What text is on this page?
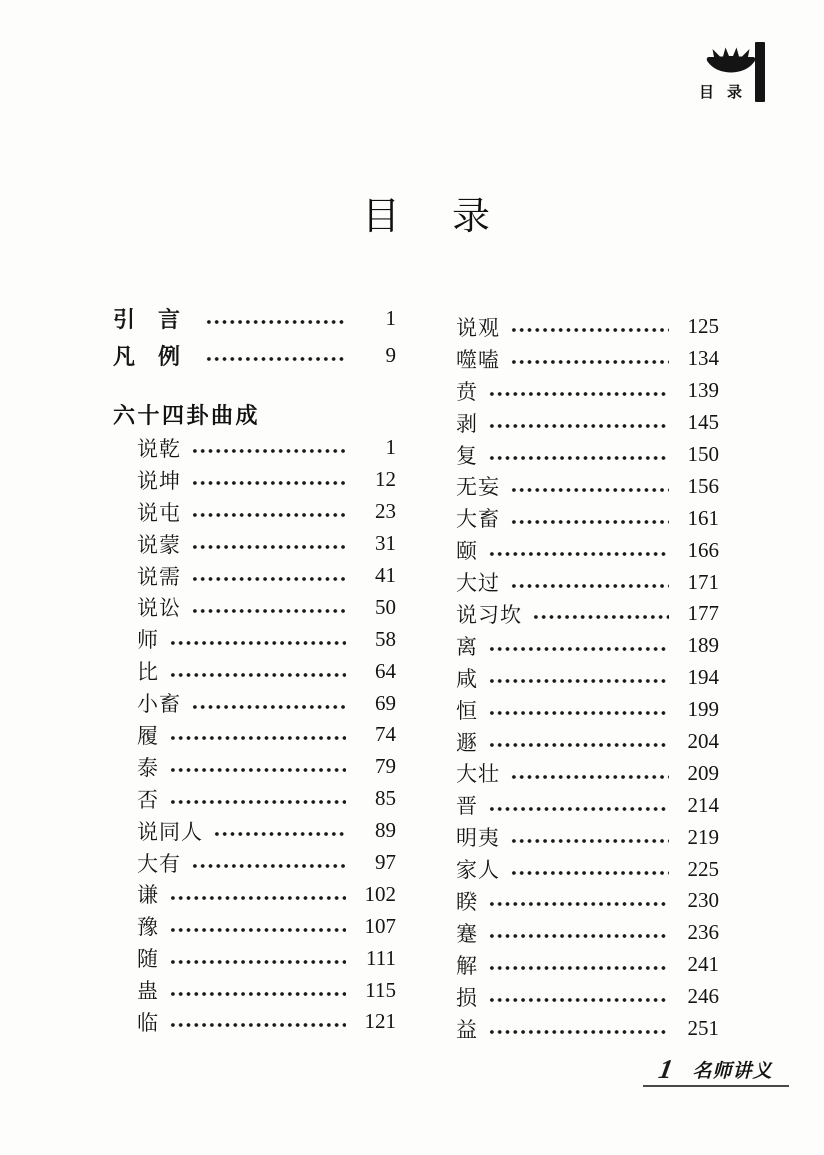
目录
目录
引言	1
凡例	9
六十四卦曲成
说乾	1
说坤	12
说屯	23
说蒙	31
说需	41
说讼	50
师	58
比	64
小畜	69
履	74
泰	79
否	85
说同人	89
大有	97
谦	102
豫	107
随	111
蛊	115
临	121
说观	125
噬嗑	134
贲	139
剥	145
复	150
无妄	156
大畜	161
颐	166
大过	171
说习坎	177
离	189
咸	194
恒	199
遯	204
大壮	209
晋	214
明夷	219
家人	225
睽	230
蹇	236
解	241
损	246
益	251
1 名师讲义
